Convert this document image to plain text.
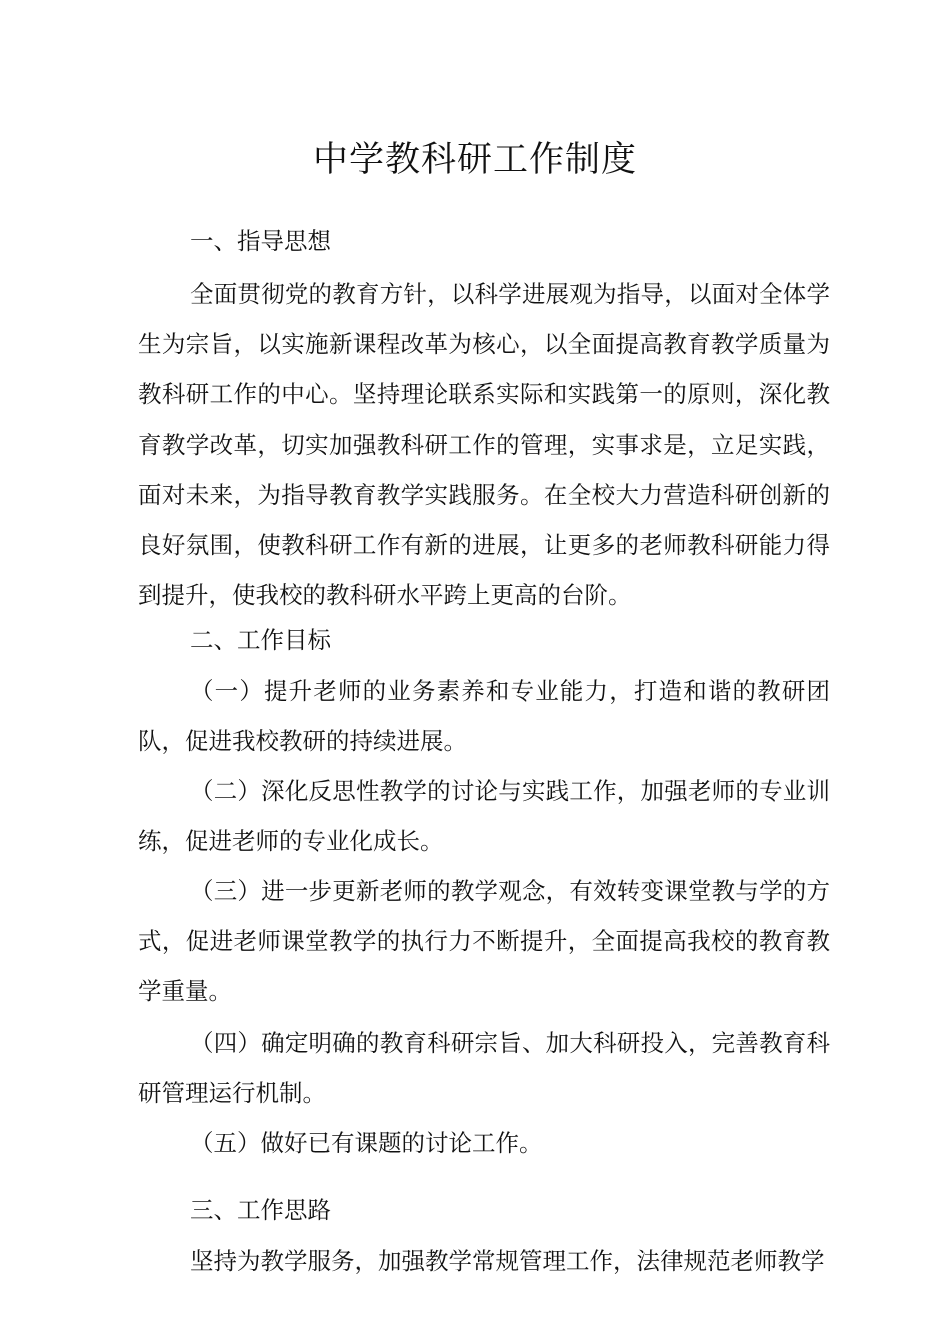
中学教科研工作制度
一、指导思想

全面贯彻党的教育方针，以科学进展观为指导，以面对全体学生为宗旨，以实施新课程改革为核心，以全面提高教育教学质量为教科研工作的中心。坚持理论联系实际和实践第一的原则，深化教育教学改革，切实加强教科研工作的管理，实事求是，立足实践，面对未来，为指导教育教学实践服务。在全校大力营造科研创新的良好氛围，使教科研工作有新的进展，让更多的老师教科研能力得到提升，使我校的教科研水平跨上更高的台阶。

二、工作目标

（一）提升老师的业务素养和专业能力，打造和谐的教研团队，促进我校教研的持续进展。

（二）深化反思性教学的讨论与实践工作，加强老师的专业训练，促进老师的专业化成长。

（三）进一步更新老师的教学观念，有效转变课堂教与学的方式，促进老师课堂教学的执行力不断提升，全面提高我校的教育教学重量。

（四）确定明确的教育科研宗旨、加大科研投入，完善教育科研管理运行机制。

（五）做好已有课题的讨论工作。

三、工作思路

坚持为教学服务，加强教学常规管理工作，法律规范老师教学
